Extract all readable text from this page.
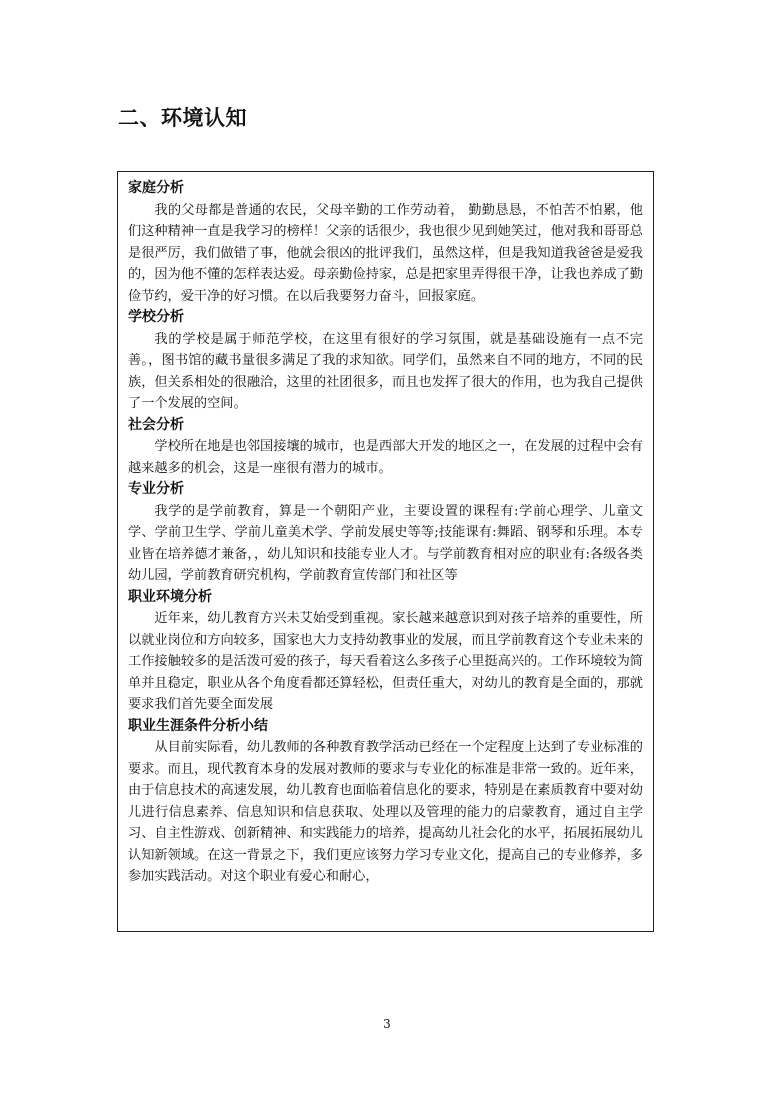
二、环境认知
家庭分析

我的父母都是普通的农民，父母辛勤的工作劳动着， 勤勤恳恳，不怕苦不怕累，他们这种精神一直是我学习的榜样！父亲的话很少，我也很少见到她笑过，他对我和哥哥总是很严厉，我们做错了事，他就会很凶的批评我们，虽然这样，但是我知道我爸爸是爱我的，因为他不懂的怎样表达爱。母亲勤俭持家，总是把家里弄得很干净，让我也养成了勤俭节约，爱干净的好习惯。在以后我要努力奋斗，回报家庭。

学校分析

我的学校是属于师范学校，在这里有很好的学习氛围，就是基础设施有一点不完善。，图书馆的藏书量很多满足了我的求知欲。同学们，虽然来自不同的地方，不同的民族，但关系相处的很融洽，这里的社团很多，而且也发挥了很大的作用，也为我自己提供了一个发展的空间。

社会分析

学校所在地是也邻国接壤的城市，也是西部大开发的地区之一，在发展的过程中会有越来越多的机会，这是一座很有潜力的城市。

专业分析

我学的是学前教育，算是一个朝阳产业，主要设置的课程有:学前心理学、儿童文学、学前卫生学、学前儿童美术学、学前发展史等等;技能课有:舞蹈、钢琴和乐理。本专业皆在培养德才兼备，，幼儿知识和技能专业人才。与学前教育相对应的职业有:各级各类幼儿园，学前教育研究机构，学前教育宣传部门和社区等

职业环境分析

近年来，幼儿教育方兴未艾始受到重视。家长越来越意识到对孩子培养的重要性，所以就业岗位和方向较多，国家也大力支持幼教事业的发展，而且学前教育这个专业未来的工作接触较多的是活泼可爱的孩子，每天看着这么多孩子心里挺高兴的。工作环境较为简单并且稳定，职业从各个角度看都还算轻松，但责任重大，对幼儿的教育是全面的，那就要求我们首先要全面发展

职业生涯条件分析小结

从目前实际看，幼儿教师的各种教育教学活动已经在一个定程度上达到了专业标准的要求。而且，现代教育本身的发展对教师的要求与专业化的标准是非常一致的。近年来，由于信息技术的高速发展，幼儿教育也面临着信息化的要求，特别是在素质教育中要对幼儿进行信息素养、信息知识和信息获取、处理以及管理的能力的启蒙教育，通过自主学习、自主性游戏、创新精神、和实践能力的培养，提高幼儿社会化的水平，拓展拓展幼儿认知新领域。在这一背景之下，我们更应该努力学习专业文化，提高自己的专业修养，多参加实践活动。对这个职业有爱心和耐心，

3
